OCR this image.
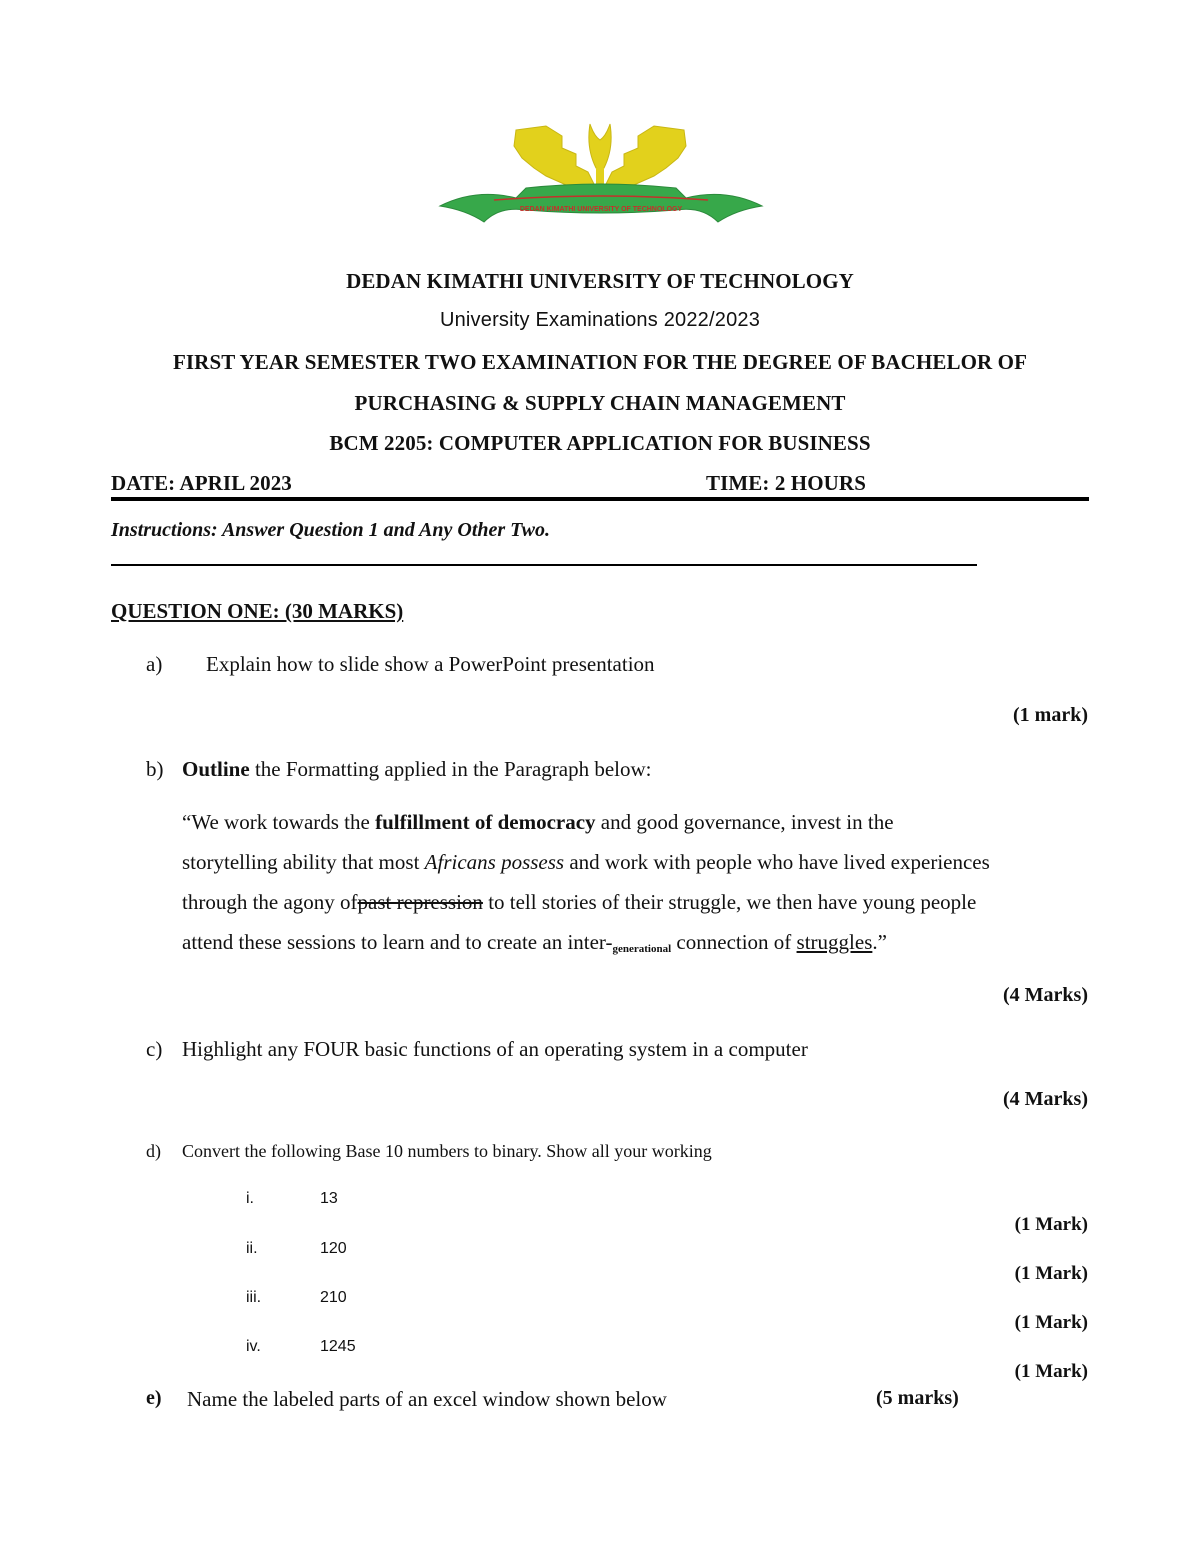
DEDAN KIMATHI UNIVERSITY OF TECHNOLOGY
DEDAN KIMATHI UNIVERSITY OF TECHNOLOGY
University Examinations 2022/2023
FIRST YEAR SEMESTER TWO EXAMINATION FOR THE DEGREE OF BACHELOR OF
PURCHASING & SUPPLY CHAIN MANAGEMENT
BCM 2205: COMPUTER APPLICATION FOR BUSINESS
DATE: APRIL 2023	TIME: 2 HOURS
Instructions: Answer Question 1 and Any Other Two.
QUESTION ONE: (30 MARKS)
a) Explain how to slide show a PowerPoint presentation
(1 mark)
b) Outline the Formatting applied in the Paragraph below:
“We work towards the fulfillment of democracy and good governance, invest in the
storytelling ability that most Africans possess and work with people who have lived experiences
through the agony ofpast repression to tell stories of their struggle, we then have young people
attend these sessions to learn and to create an inter-$_{generational}$ connection of struggles.”
(4 Marks)
c) Highlight any FOUR basic functions of an operating system in a computer
(4 Marks)
d) Convert the following Base 10 numbers to binary. Show all your working
i.	13
(1 Mark)
ii.	120
(1 Mark)
iii.	210
(1 Mark)
iv.	1245
(1 Mark)
e) Name the labeled parts of an excel window shown below	(5 marks)
